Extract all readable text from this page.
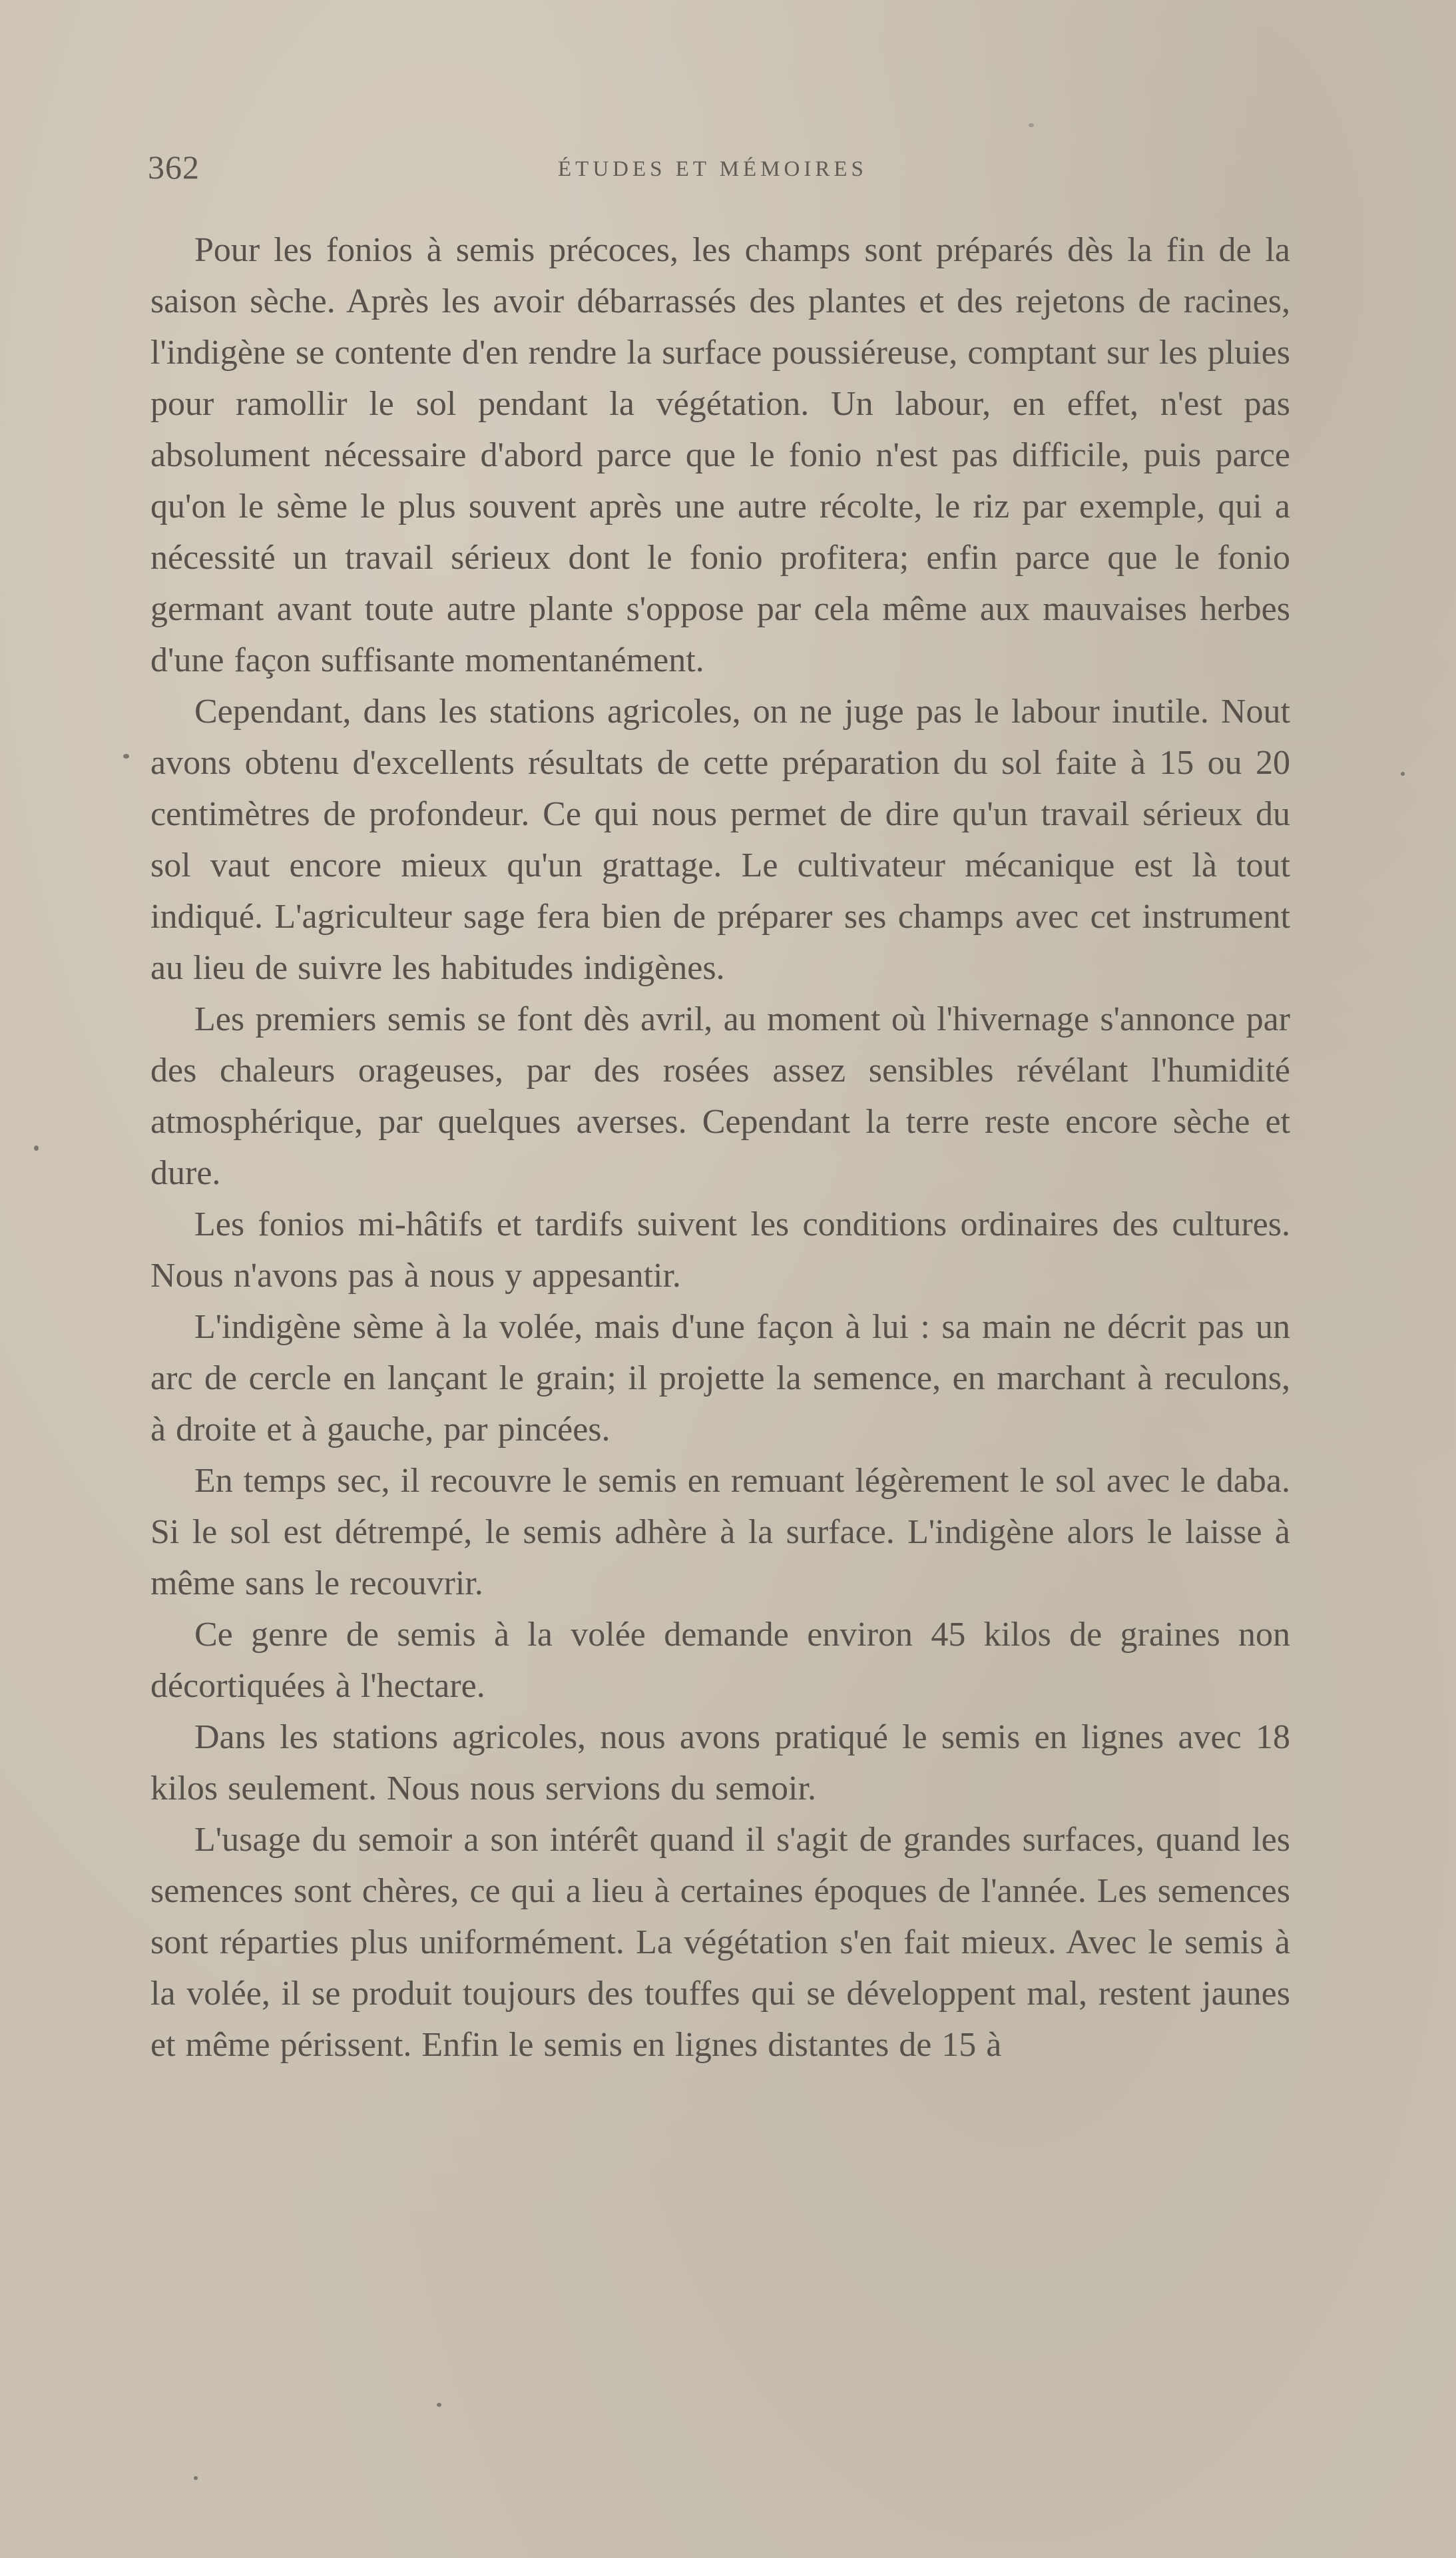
362	ÉTUDES ET MÉMOIRES

Pour les fonios à semis précoces, les champs sont préparés dès la fin de la saison sèche. Après les avoir débarrassés des plantes et des rejetons de racines, l'indigène se contente d'en rendre la surface poussiéreuse, comptant sur les pluies pour ramollir le sol pendant la végétation. Un labour, en effet, n'est pas absolument nécessaire d'abord parce que le fonio n'est pas difficile, puis parce qu'on le sème le plus souvent après une autre récolte, le riz par exemple, qui a nécessité un travail sérieux dont le fonio profitera; enfin parce que le fonio germant avant toute autre plante s'oppose par cela même aux mauvaises herbes d'une façon suffisante momentanément.

Cependant, dans les stations agricoles, on ne juge pas le labour inutile. Nout avons obtenu d'excellents résultats de cette préparation du sol faite à 15 ou 20 centimètres de profondeur. Ce qui nous permet de dire qu'un travail sérieux du sol vaut encore mieux qu'un grattage. Le cultivateur mécanique est là tout indiqué. L'agriculteur sage fera bien de préparer ses champs avec cet instrument au lieu de suivre les habitudes indigènes.

Les premiers semis se font dès avril, au moment où l'hivernage s'annonce par des chaleurs orageuses, par des rosées assez sensibles révélant l'humidité atmosphérique, par quelques averses. Cependant la terre reste encore sèche et dure.

Les fonios mi-hâtifs et tardifs suivent les conditions ordinaires des cultures. Nous n'avons pas à nous y appesantir.

L'indigène sème à la volée, mais d'une façon à lui : sa main ne décrit pas un arc de cercle en lançant le grain; il projette la semence, en marchant à reculons, à droite et à gauche, par pincées.

En temps sec, il recouvre le semis en remuant légèrement le sol avec le daba. Si le sol est détrempé, le semis adhère à la surface. L'indigène alors le laisse à même sans le recouvrir.

Ce genre de semis à la volée demande environ 45 kilos de graines non décortiquées à l'hectare.

Dans les stations agricoles, nous avons pratiqué le semis en lignes avec 18 kilos seulement. Nous nous servions du semoir.

L'usage du semoir a son intérêt quand il s'agit de grandes surfaces, quand les semences sont chères, ce qui a lieu à certaines époques de l'année. Les semences sont réparties plus uniformément. La végétation s'en fait mieux. Avec le semis à la volée, il se produit toujours des touffes qui se développent mal, restent jaunes et même périssent. Enfin le semis en lignes distantes de 15 à
